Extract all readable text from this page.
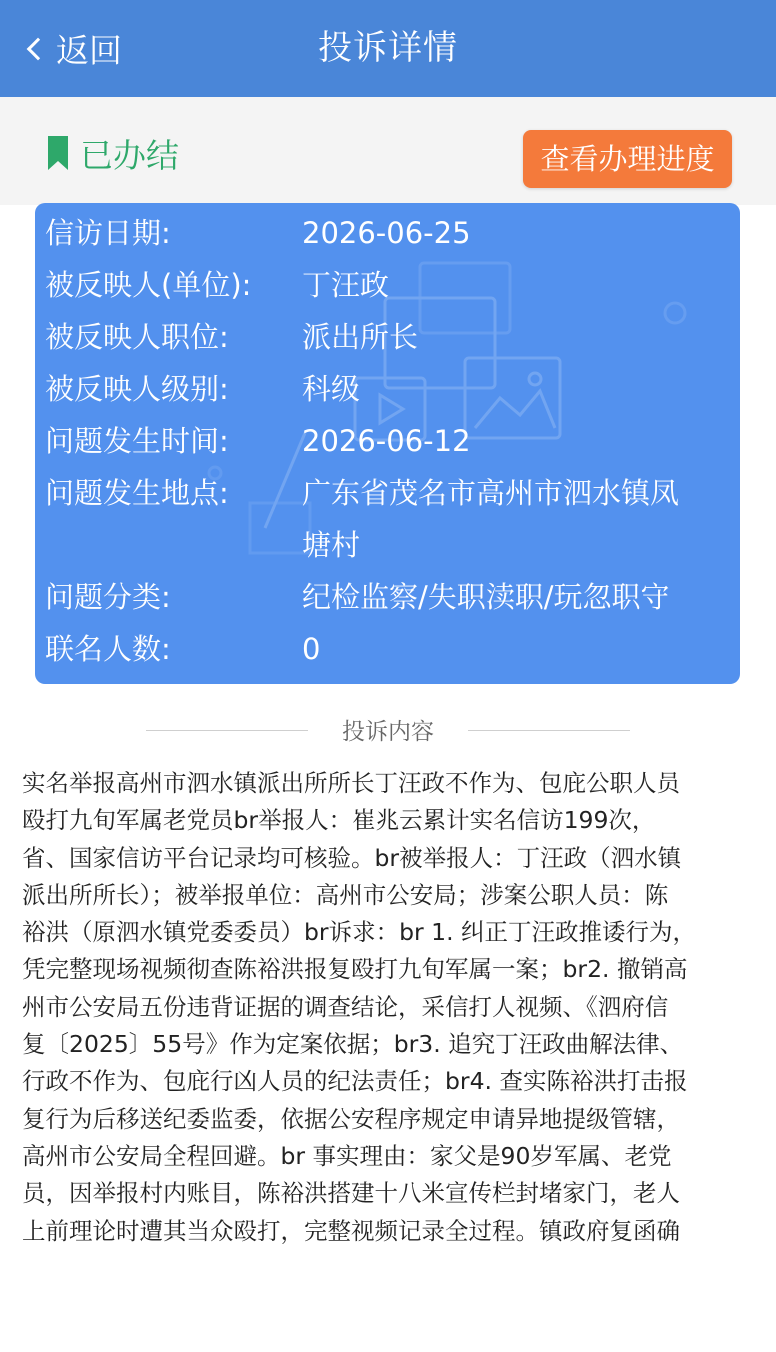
返回	投诉详情
已办结	查看办理进度
信访日期:	2026-06-25
被反映人(单位): 丁汪政
被反映人职位:	派出所长
被反映人级别:	科级
问题发生时间:	2026-06-12
问题发生地点:	广东省茂名市高州市泗水镇凤
塘村
问题分类:	纪检监察/失职渎职/玩忽职守
联名人数:	0
投诉内容
实名举报高州市泗水镇派出所所长丁汪政不作为、包庇公职人员
殴打九旬军属老党员br举报人：崔兆云累计实名信访199次，
省、国家信访平台记录均可核验。br被举报人：丁汪政（泗水镇
派出所所长）；被举报单位：高州市公安局；涉案公职人员：陈
裕洪（原泗水镇党委委员）br诉求：br 1. 纠正丁汪政推诿行为，
凭完整现场视频彻查陈裕洪报复殴打九旬军属一案；br2. 撤销高
州市公安局五份违背证据的调查结论，采信打人视频、《泗府信
复〔2025〕55号》作为定案依据；br3. 追究丁汪政曲解法律、
行政不作为、包庇行凶人员的纪法责任；br4. 查实陈裕洪打击报
复行为后移送纪委监委，依据公安程序规定申请异地提级管辖，
高州市公安局全程回避。br 事实理由：家父是90岁军属、老党
员，因举报村内账目，陈裕洪搭建十八米宣传栏封堵家门，老人
上前理论时遭其当众殴打，完整视频记录全过程。镇政府复函确
